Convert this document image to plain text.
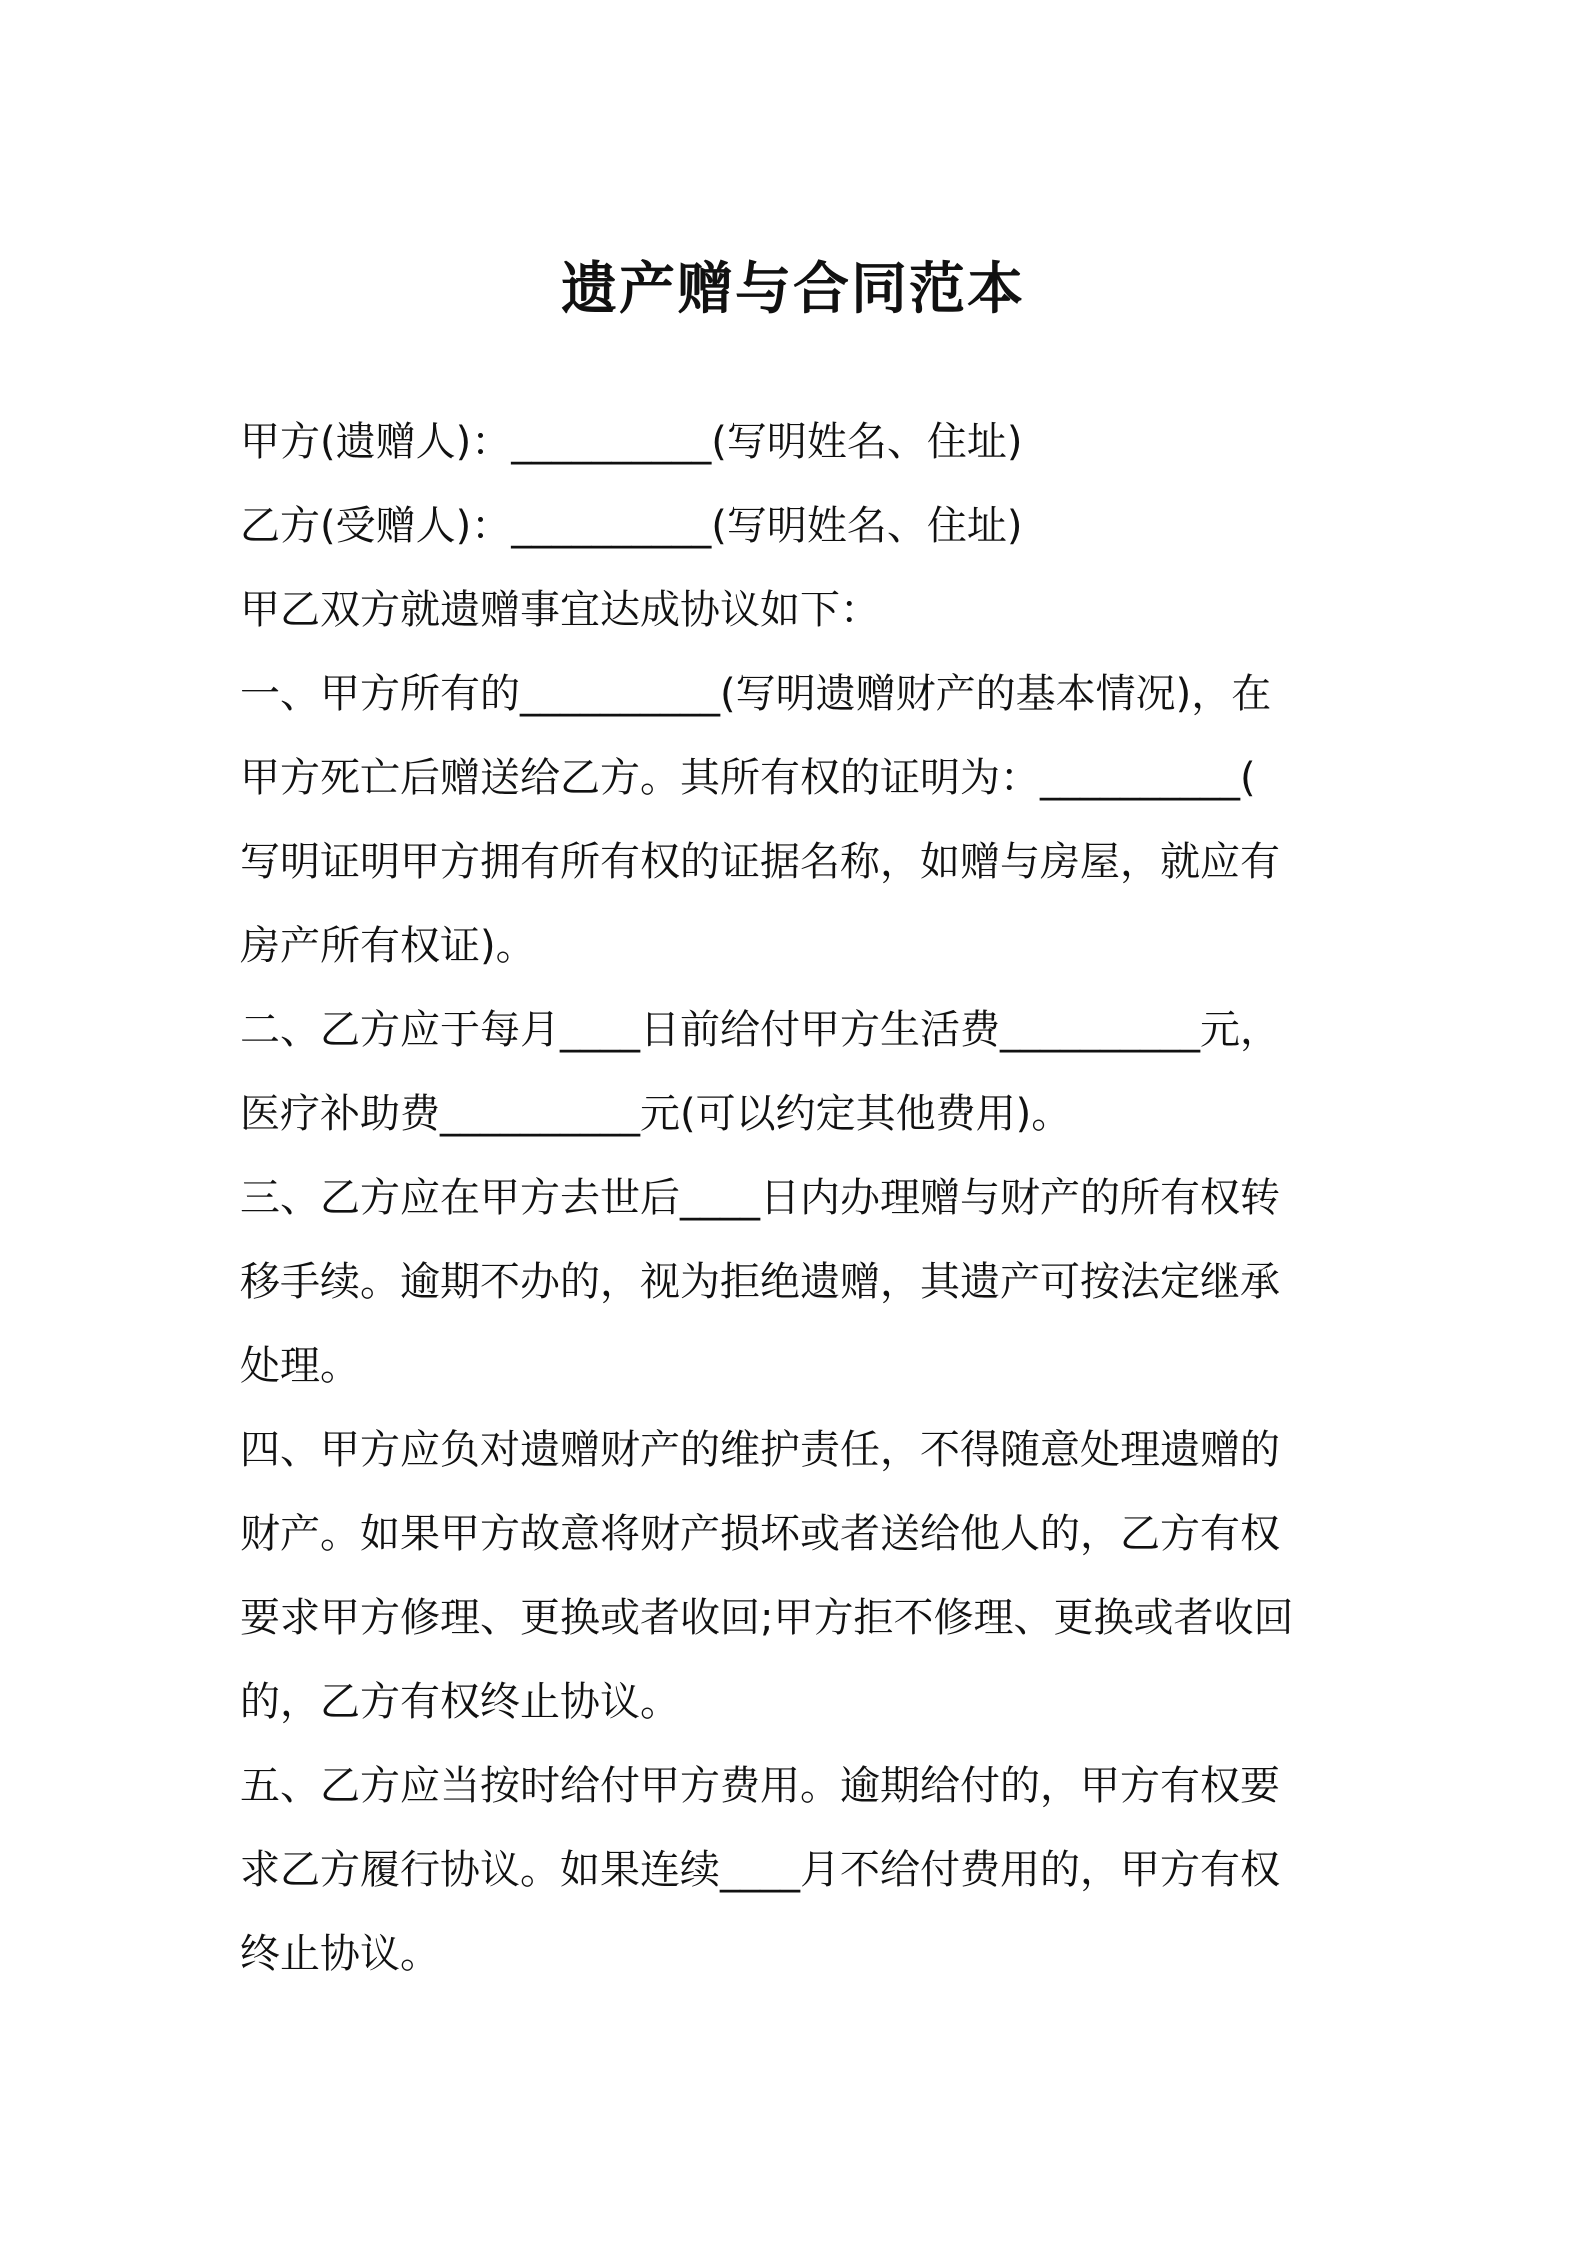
遗产赠与合同范本

甲方(遗赠人)：__________(写明姓名、住址)

乙方(受赠人)：__________(写明姓名、住址)

甲乙双方就遗赠事宜达成协议如下：

一、甲方所有的__________(写明遗赠财产的基本情况)，在

甲方死亡后赠送给乙方。其所有权的证明为：__________(

写明证明甲方拥有所有权的证据名称，如赠与房屋，就应有

房产所有权证)。

二、乙方应于每月____日前给付甲方生活费__________元，

医疗补助费__________元(可以约定其他费用)。

三、乙方应在甲方去世后____日内办理赠与财产的所有权转

移手续。逾期不办的，视为拒绝遗赠，其遗产可按法定继承

处理。

四、甲方应负对遗赠财产的维护责任，不得随意处理遗赠的

财产。如果甲方故意将财产损坏或者送给他人的，乙方有权

要求甲方修理、更换或者收回;甲方拒不修理、更换或者收回

的，乙方有权终止协议。

五、乙方应当按时给付甲方费用。逾期给付的，甲方有权要

求乙方履行协议。如果连续____月不给付费用的，甲方有权

终止协议。
